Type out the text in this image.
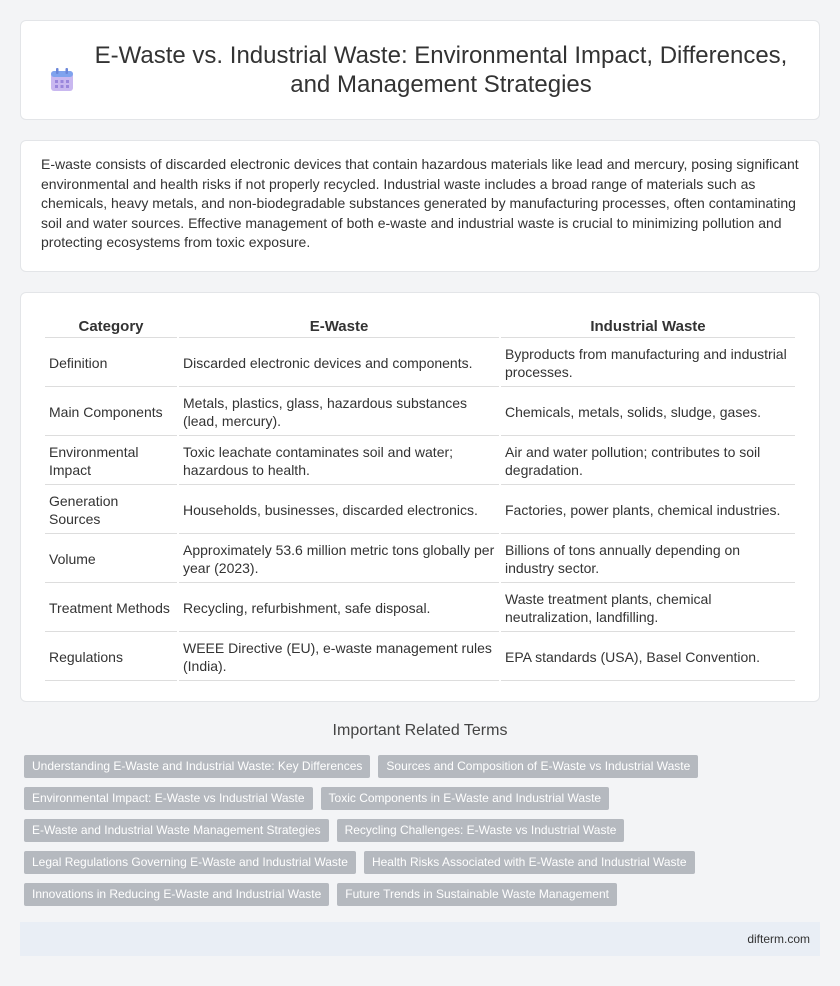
E-Waste vs. Industrial Waste: Environmental Impact, Differences, and Management Strategies

E-waste consists of discarded electronic devices that contain hazardous materials like lead and mercury, posing significant environmental and health risks if not properly recycled. Industrial waste includes a broad range of materials such as chemicals, heavy metals, and non-biodegradable substances generated by manufacturing processes, often contaminating soil and water sources. Effective management of both e-waste and industrial waste is crucial to minimizing pollution and protecting ecosystems from toxic exposure.

Category	E-Waste	Industrial Waste
Definition	Discarded electronic devices and components.	Byproducts from manufacturing and industrial processes.
Main Components	Metals, plastics, glass, hazardous substances (lead, mercury).	Chemicals, metals, solids, sludge, gases.
Environmental Impact	Toxic leachate contaminates soil and water; hazardous to health.	Air and water pollution; contributes to soil degradation.
Generation Sources	Households, businesses, discarded electronics.	Factories, power plants, chemical industries.
Volume	Approximately 53.6 million metric tons globally per year (2023).	Billions of tons annually depending on industry sector.
Treatment Methods	Recycling, refurbishment, safe disposal.	Waste treatment plants, chemical neutralization, landfilling.
Regulations	WEEE Directive (EU), e-waste management rules (India).	EPA standards (USA), Basel Convention.
Important Related Terms
Understanding E-Waste and Industrial Waste: Key Differences	Sources and Composition of E-Waste vs Industrial Waste
Environmental Impact: E-Waste vs Industrial Waste	Toxic Components in E-Waste and Industrial Waste
E-Waste and Industrial Waste Management Strategies	Recycling Challenges: E-Waste vs Industrial Waste
Legal Regulations Governing E-Waste and Industrial Waste	Health Risks Associated with E-Waste and Industrial Waste
Innovations in Reducing E-Waste and Industrial Waste	Future Trends in Sustainable Waste Management
difterm.com
